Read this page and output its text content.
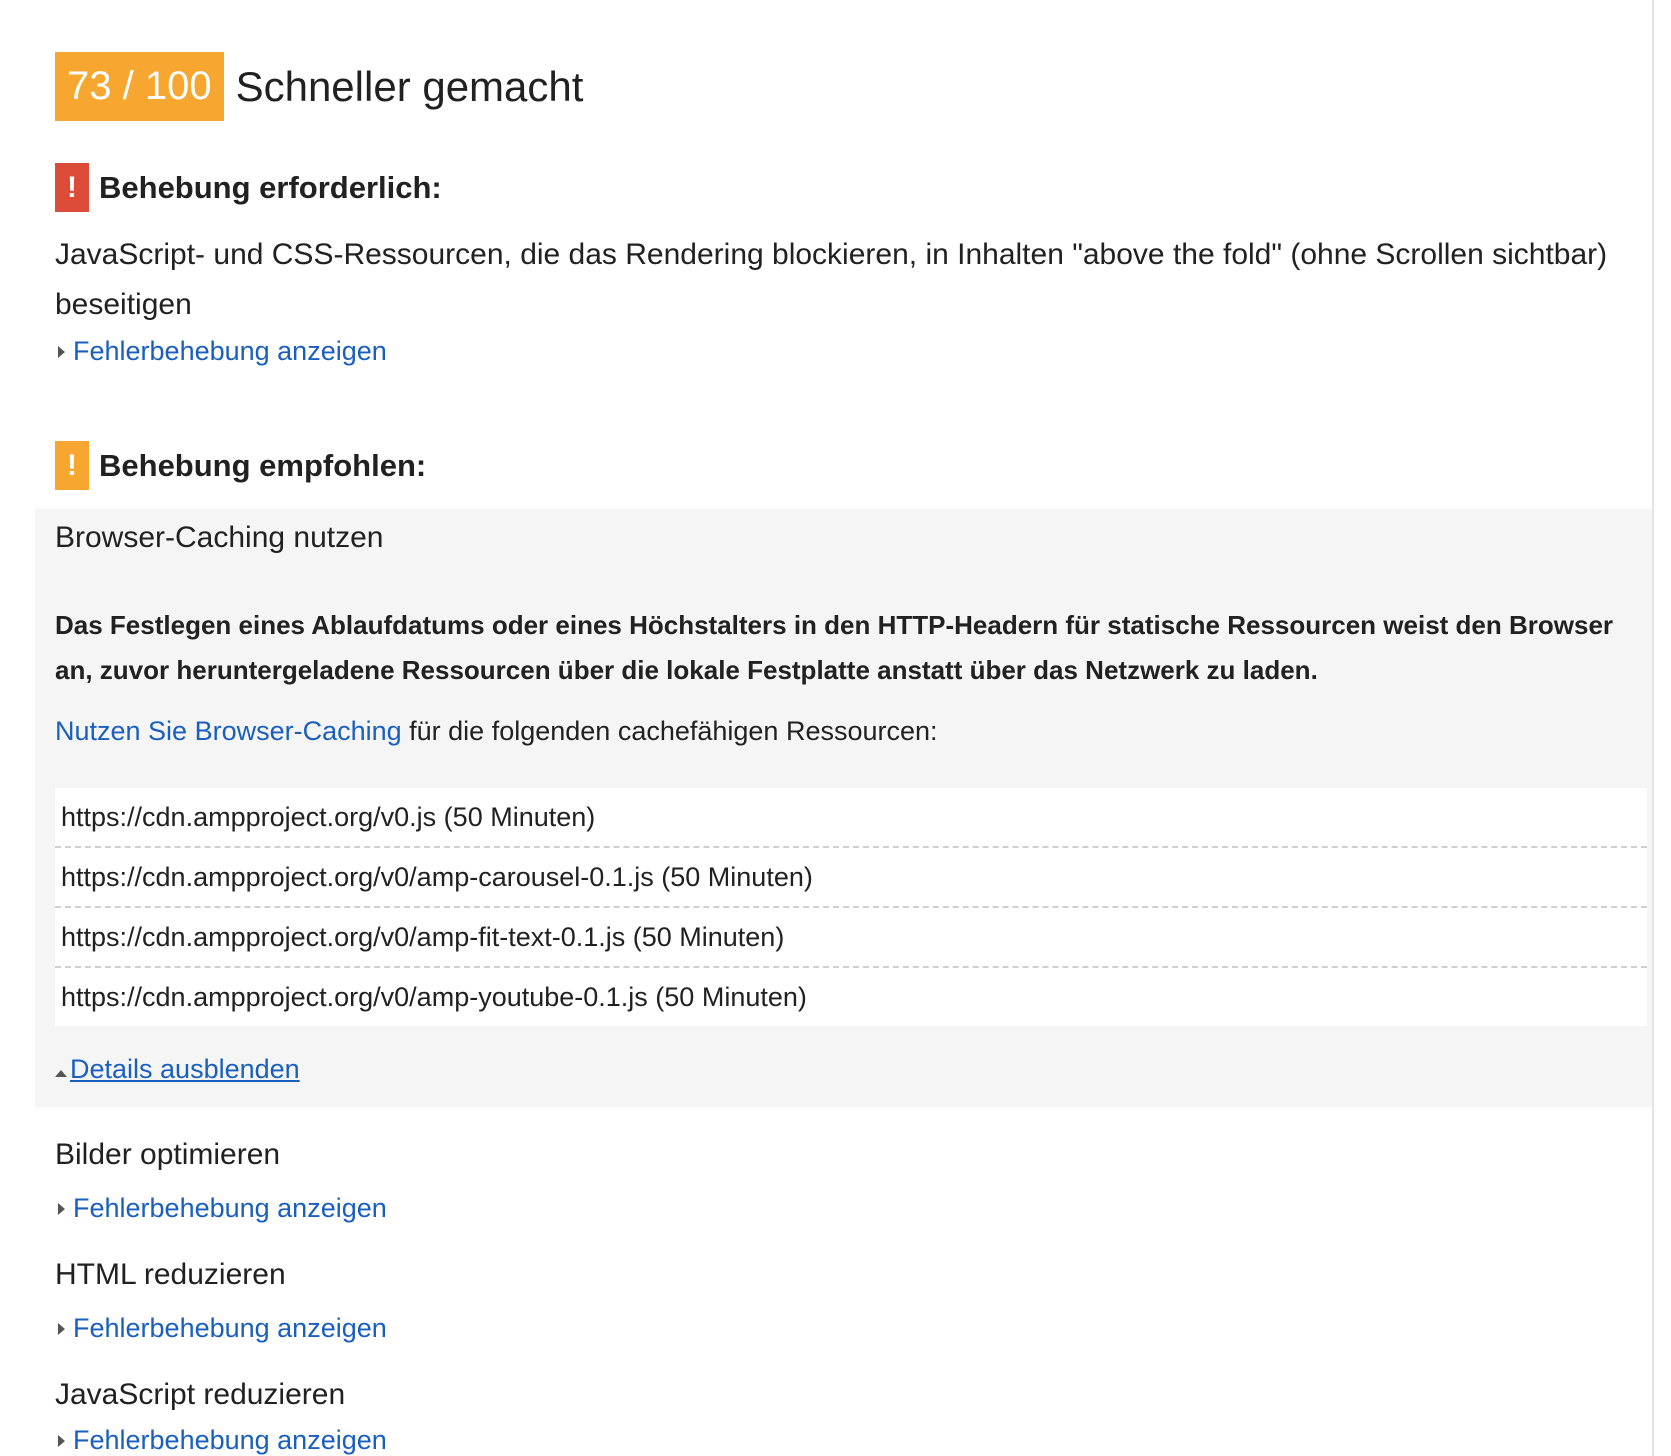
73 / 100 Schneller gemacht
! Behebung erforderlich:
JavaScript- und CSS-Ressourcen, die das Rendering blockieren, in Inhalten "above the fold" (ohne Scrollen sichtbar) beseitigen
Fehlerbehebung anzeigen
! Behebung empfohlen:
Browser-Caching nutzen
Das Festlegen eines Ablaufdatums oder eines Höchstalters in den HTTP-Headern für statische Ressourcen weist den Browser an, zuvor heruntergeladene Ressourcen über die lokale Festplatte anstatt über das Netzwerk zu laden.
Nutzen Sie Browser-Caching für die folgenden cachefähigen Ressourcen:
https://cdn.ampproject.org/v0.js (50 Minuten)
https://cdn.ampproject.org/v0/amp-carousel-0.1.js (50 Minuten)
https://cdn.ampproject.org/v0/amp-fit-text-0.1.js (50 Minuten)
https://cdn.ampproject.org/v0/amp-youtube-0.1.js (50 Minuten)
Details ausblenden
Bilder optimieren
Fehlerbehebung anzeigen
HTML reduzieren
Fehlerbehebung anzeigen
JavaScript reduzieren
Fehlerbehebung anzeigen
